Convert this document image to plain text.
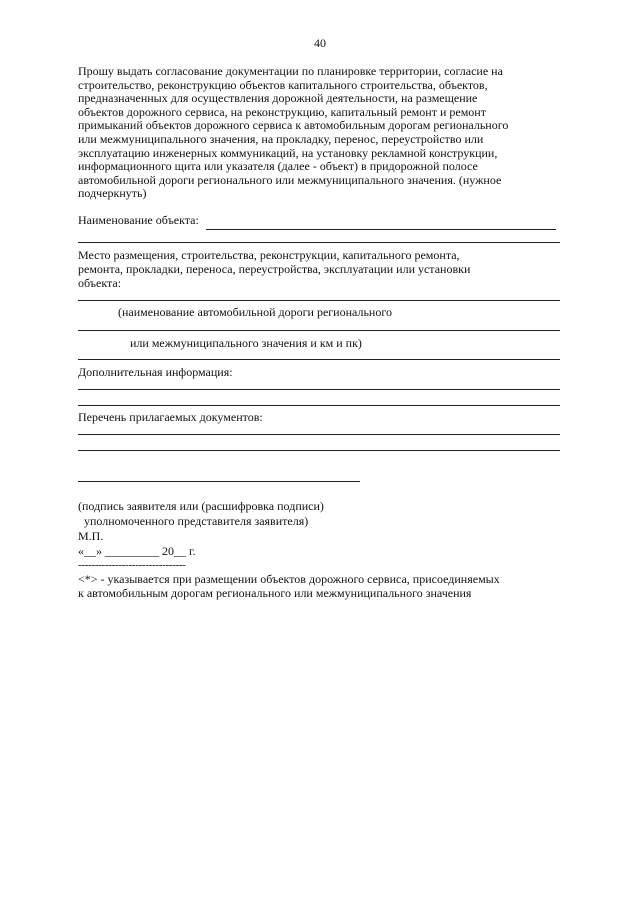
40

Прошу выдать согласование документации по планировке территории, согласие на
строительство, реконструкцию объектов капитального строительства, объектов,
предназначенных для осуществления дорожной деятельности, на размещение
объектов дорожного сервиса, на реконструкцию, капитальный ремонт и ремонт
примыканий объектов дорожного сервиса к автомобильным дорогам регионального
или межмуниципального значения, на прокладку, перенос, переустройство или
эксплуатацию инженерных коммуникаций, на установку рекламной конструкции,
информационного щита или указателя (далее - объект) в придорожной полосе
автомобильной дороги регионального или межмуниципального значения. (нужное
подчеркнуть)

Наименование объекта:
Место размещения, строительства, реконструкции, капитального ремонта,
ремонта, прокладки, переноса, переустройства, эксплуатации или установки
объекта:
(наименование автомобильной дороги регионального
или межмуниципального значения и км и пк)
Дополнительная информация:
Перечень прилагаемых документов:
(подпись заявителя или (расшифровка подписи)
уполномоченного представителя заявителя)
М.П.
«__» _________ 20__ г.
--------------------------------
<*> - указывается при размещении объектов дорожного сервиса, присоединяемых
к автомобильным дорогам регионального или межмуниципального значения
